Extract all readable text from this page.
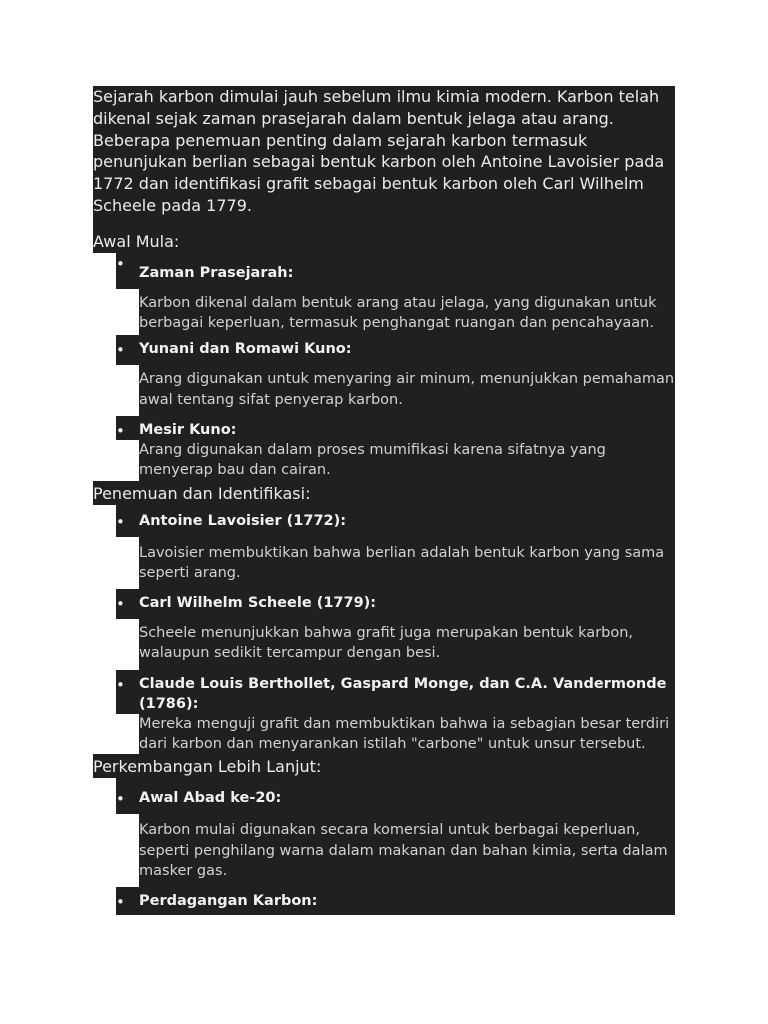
Sejarah karbon dimulai jauh sebelum ilmu kimia modern. Karbon telah dikenal sejak zaman prasejarah dalam bentuk jelaga atau arang. Beberapa penemuan penting dalam sejarah karbon termasuk penunjukan berlian sebagai bentuk karbon oleh Antoine Lavoisier pada 1772 dan identifikasi grafit sebagai bentuk karbon oleh Carl Wilhelm Scheele pada 1779.

Awal Mula:
• Zaman Prasejarah:
Karbon dikenal dalam bentuk arang atau jelaga, yang digunakan untuk berbagai keperluan, termasuk penghangat ruangan dan pencahayaan.
• Yunani dan Romawi Kuno:
Arang digunakan untuk menyaring air minum, menunjukkan pemahaman awal tentang sifat penyerap karbon.
• Mesir Kuno:
Arang digunakan dalam proses mumifikasi karena sifatnya yang menyerap bau dan cairan.
Penemuan dan Identifikasi:
• Antoine Lavoisier (1772):
Lavoisier membuktikan bahwa berlian adalah bentuk karbon yang sama seperti arang.
• Carl Wilhelm Scheele (1779):
Scheele menunjukkan bahwa grafit juga merupakan bentuk karbon, walaupun sedikit tercampur dengan besi.
• Claude Louis Berthollet, Gaspard Monge, dan C.A. Vandermonde (1786):
Mereka menguji grafit dan membuktikan bahwa ia sebagian besar terdiri dari karbon dan menyarankan istilah "carbone" untuk unsur tersebut.
Perkembangan Lebih Lanjut:
• Awal Abad ke-20:
Karbon mulai digunakan secara komersial untuk berbagai keperluan, seperti penghilang warna dalam makanan dan bahan kimia, serta dalam masker gas.
• Perdagangan Karbon:
